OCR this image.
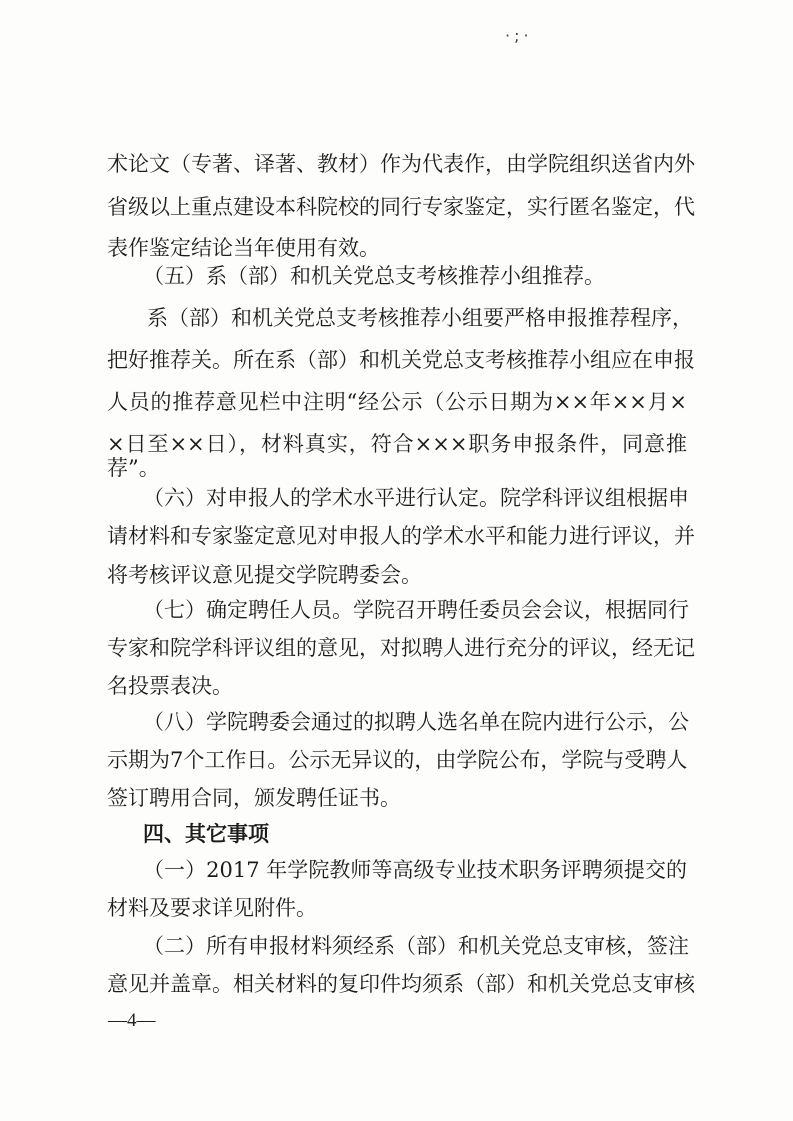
·;·
术论文（专著、译著、教材）作为代表作，由学院组织送省内外
省级以上重点建设本科院校的同行专家鉴定，实行匿名鉴定，代
表作鉴定结论当年使用有效。
（五）系（部）和机关党总支考核推荐小组推荐。
系（部）和机关党总支考核推荐小组要严格申报推荐程序，
把好推荐关。所在系（部）和机关党总支考核推荐小组应在申报
人员的推荐意见栏中注明“经公示（公示日期为××年××月×
×日至××日），材料真实，符合×××职务申报条件，同意推
荐”。
（六）对申报人的学术水平进行认定。院学科评议组根据申
请材料和专家鉴定意见对申报人的学术水平和能力进行评议，并
将考核评议意见提交学院聘委会。
（七）确定聘任人员。学院召开聘任委员会会议，根据同行
专家和院学科评议组的意见，对拟聘人进行充分的评议，经无记
名投票表决。
（八）学院聘委会通过的拟聘人选名单在院内进行公示，公
示期为7个工作日。公示无异议的，由学院公布，学院与受聘人
签订聘用合同，颁发聘任证书。
四、其它事项
（一）2017 年学院教师等高级专业技术职务评聘须提交的
材料及要求详见附件。
（二）所有申报材料须经系（部）和机关党总支审核，签注
意见并盖章。相关材料的复印件均须系（部）和机关党总支审核
—4—
